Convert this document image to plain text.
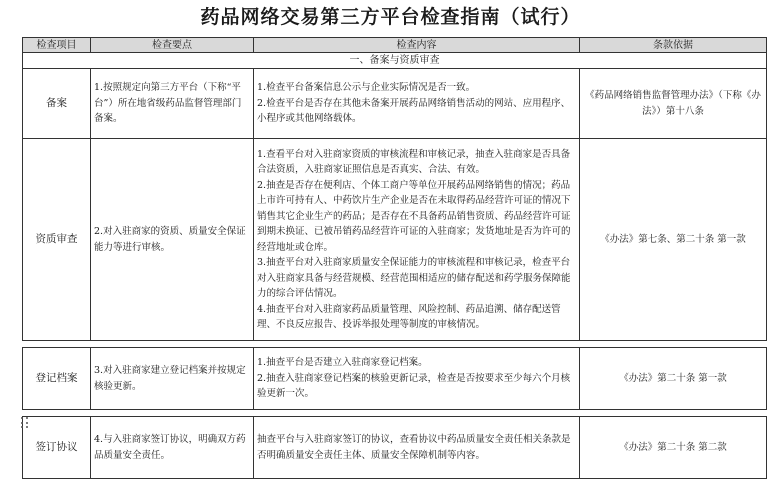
药品网络交易第三方平台检查指南（试行）
检查项目	检查要点	检查内容	条款依据
一、备案与资质审查			
备案	1.按照规定向第三方平台（下称“平台”）所在地省级药品监督管理部门备案。	1.检查平台备案信息公示与企业实际情况是否一致。
2.检查平台是否存在其他未备案开展药品网络销售活动的网站、应用程序、小程序或其他网络载体。	《药品网络销售监督管理办法》（下称《办法》）第十八条
资质审查	2.对入驻商家的资质、质量安全保证能力等进行审核。	1.查看平台对入驻商家资质的审核流程和审核记录，抽查入驻商家是否具备合法资质，入驻商家证照信息是否真实、合法、有效。
2.抽查是否存在便利店、个体工商户等单位开展药品网络销售的情况；药品上市许可持有人、中药饮片生产企业是否在未取得药品经营许可证的情况下销售其它企业生产的药品；是否存在不具备药品销售资质、药品经营许可证到期未换证、已被吊销药品经营许可证的入驻商家；发货地址是否为许可的经营地址或仓库。
3.抽查平台对入驻商家质量安全保证能力的审核流程和审核记录，检查平台对入驻商家具备与经营规模、经营范围相适应的储存配送和药学服务保障能力的综合评估情况。
4.抽查平台对入驻商家药品质量管理、风险控制、药品追溯、储存配送管理、不良反应报告、投诉举报处理等制度的审核情况。	《办法》第七条、第二十条 第一款

登记档案	3.对入驻商家建立登记档案并按规定核验更新。	1.抽查平台是否建立入驻商家登记档案。
2.抽查入驻商家登记档案的核验更新记录，检查是否按要求至少每六个月核验更新一次。	《办法》第二十条 第一款

签订协议	4.与入驻商家签订协议，明确双方药品质量安全责任。	抽查平台与入驻商家签订的协议，查看协议中药品质量安全责任相关条款是否明确质量安全责任主体、质量安全保障机制等内容。	《办法》第二十条 第二款
